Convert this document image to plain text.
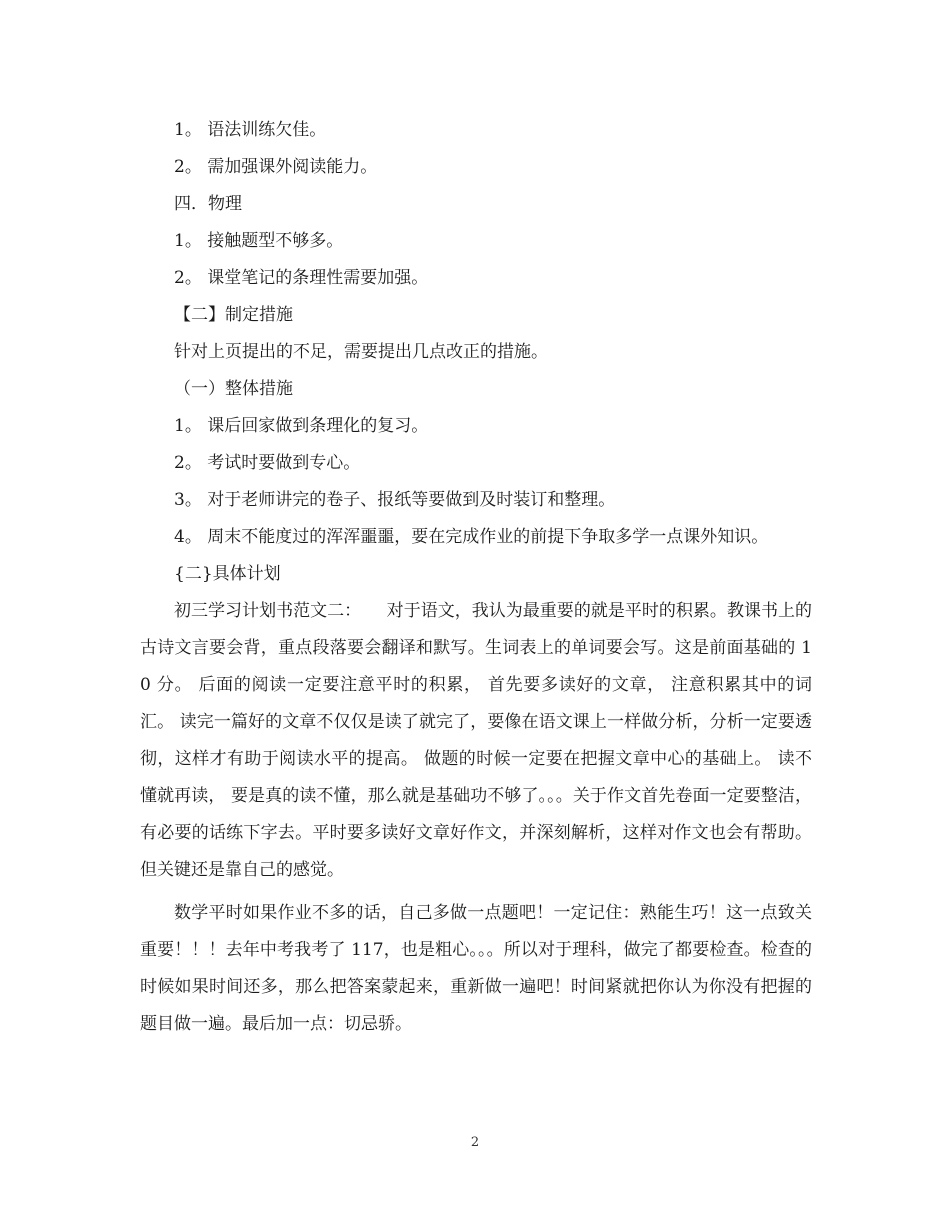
1。 语法训练欠佳。
2。 需加强课外阅读能力。
四．物理
1。 接触题型不够多。
2。 课堂笔记的条理性需要加强。
【二】制定措施
针对上页提出的不足，需要提出几点改正的措施。
（一）整体措施
1。 课后回家做到条理化的复习。
2。 考试时要做到专心。
3。 对于老师讲完的卷子、报纸等要做到及时装订和整理。
4。 周末不能度过的浑浑噩噩，要在完成作业的前提下争取多学一点课外知识。
{二}具体计划
初三学习计划书范文二：　　对于语文，我认为最重要的就是平时的积累。教课书上的古诗文言要会背，重点段落要会翻译和默写。生词表上的单词要会写。这是前面基础的 10 分。 后面的阅读一定要注意平时的积累， 首先要多读好的文章， 注意积累其中的词汇。 读完一篇好的文章不仅仅是读了就完了，要像在语文课上一样做分析，分析一定要透彻，这样才有助于阅读水平的提高。 做题的时候一定要在把握文章中心的基础上。 读不懂就再读， 要是真的读不懂，那么就是基础功不够了。。。关于作文首先卷面一定要整洁，有必要的话练下字去。平时要多读好文章好作文，并深刻解析，这样对作文也会有帮助。但关键还是靠自己的感觉。
数学平时如果作业不多的话，自己多做一点题吧！一定记住：熟能生巧！这一点致关重要！！！去年中考我考了 117，也是粗心。。。所以对于理科，做完了都要检查。检查的时候如果时间还多，那么把答案蒙起来，重新做一遍吧！时间紧就把你认为你没有把握的题目做一遍。最后加一点：切忌骄。
2
